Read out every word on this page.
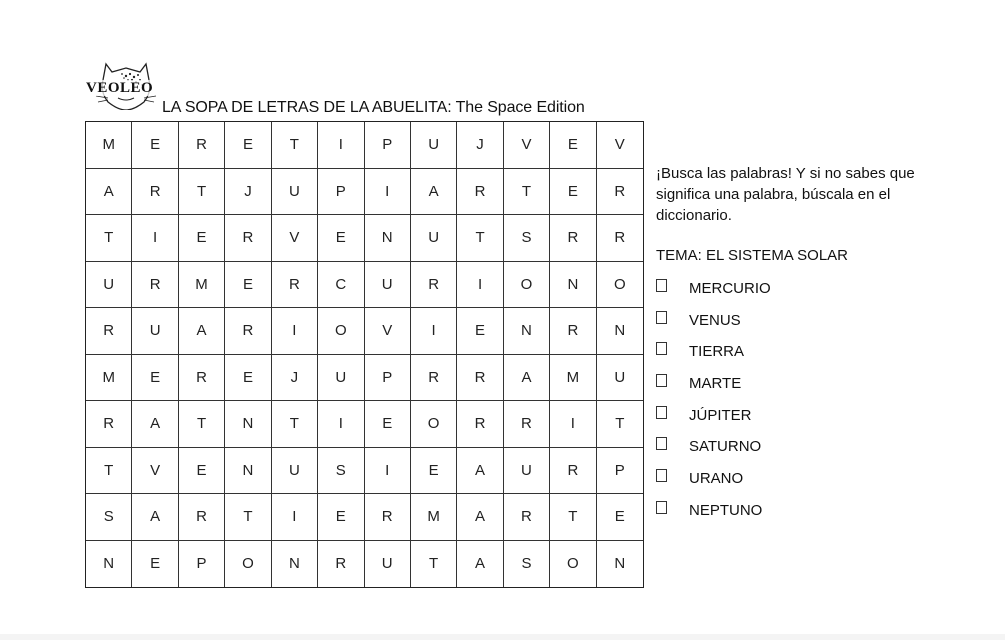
VEOLEO
LA SOPA DE LETRAS DE LA ABUELITA: The Space Edition
M	E	R	E	T	I	P	U	J	V	E	V
A	R	T	J	U	P	I	A	R	T	E	R
T	I	E	R	V	E	N	U	T	S	R	R
U	R	M	E	R	C	U	R	I	O	N	O
R	U	A	R	I	O	V	I	E	N	R	N
M	E	R	E	J	U	P	R	R	A	M	U
R	A	T	N	T	I	E	O	R	R	I	T
T	V	E	N	U	S	I	E	A	U	R	P
S	A	R	T	I	E	R	M	A	R	T	E
N	E	P	O	N	R	U	T	A	S	O	N
¡Busca las palabras! Y si no sabes que significa una palabra, búscala en el diccionario.
TEMA: EL SISTEMA SOLAR
MERCURIO
VENUS
TIERRA
MARTE
JÚPITER
SATURNO
URANO
NEPTUNO
